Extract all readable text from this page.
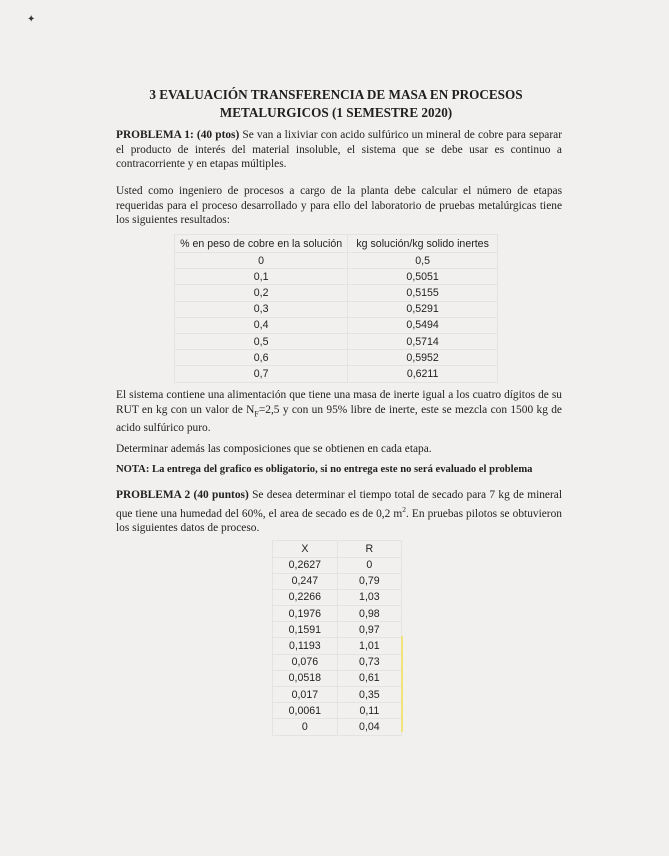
✦
3 EVALUACIÓN TRANSFERENCIA DE MASA EN PROCESOS
METALURGICOS (1 SEMESTRE 2020)
PROBLEMA 1: (40 ptos) Se van a lixiviar con acido sulfúrico un mineral de cobre para separar el producto de interés del material insoluble, el sistema que se debe usar es continuo a contracorriente y en etapas múltiples.
Usted como ingeniero de procesos a cargo de la planta debe calcular el número de etapas requeridas para el proceso desarrollado y para ello del laboratorio de pruebas metalúrgicas tiene los siguientes resultados:
% en peso de cobre en la solución	kg solución/kg solido inertes
0	0,5
0,1	0,5051
0,2	0,5155
0,3	0,5291
0,4	0,5494
0,5	0,5714
0,6	0,5952
0,7	0,6211
El sistema contiene una alimentación que tiene una masa de inerte igual a los cuatro dígitos de su RUT en kg con un valor de $N_F=2,5$ y con un 95% libre de inerte, este se mezcla con 1500 kg de acido sulfúrico puro.
Determinar además las composiciones que se obtienen en cada etapa.
NOTA: La entrega del grafico es obligatorio, si no entrega este no será evaluado el problema
PROBLEMA 2 (40 puntos) Se desea determinar el tiempo total de secado para 7 kg de mineral que tiene una humedad del 60%, el area de secado es de 0,2 $m^2$. En pruebas pilotos se obtuvieron los siguientes datos de proceso.
X	R
0,2627	0
0,247	0,79
0,2266	1,03
0,1976	0,98
0,1591	0,97
0,1193	1,01
0,076	0,73
0,0518	0,61
0,017	0,35
0,0061	0,11
0	0,04
